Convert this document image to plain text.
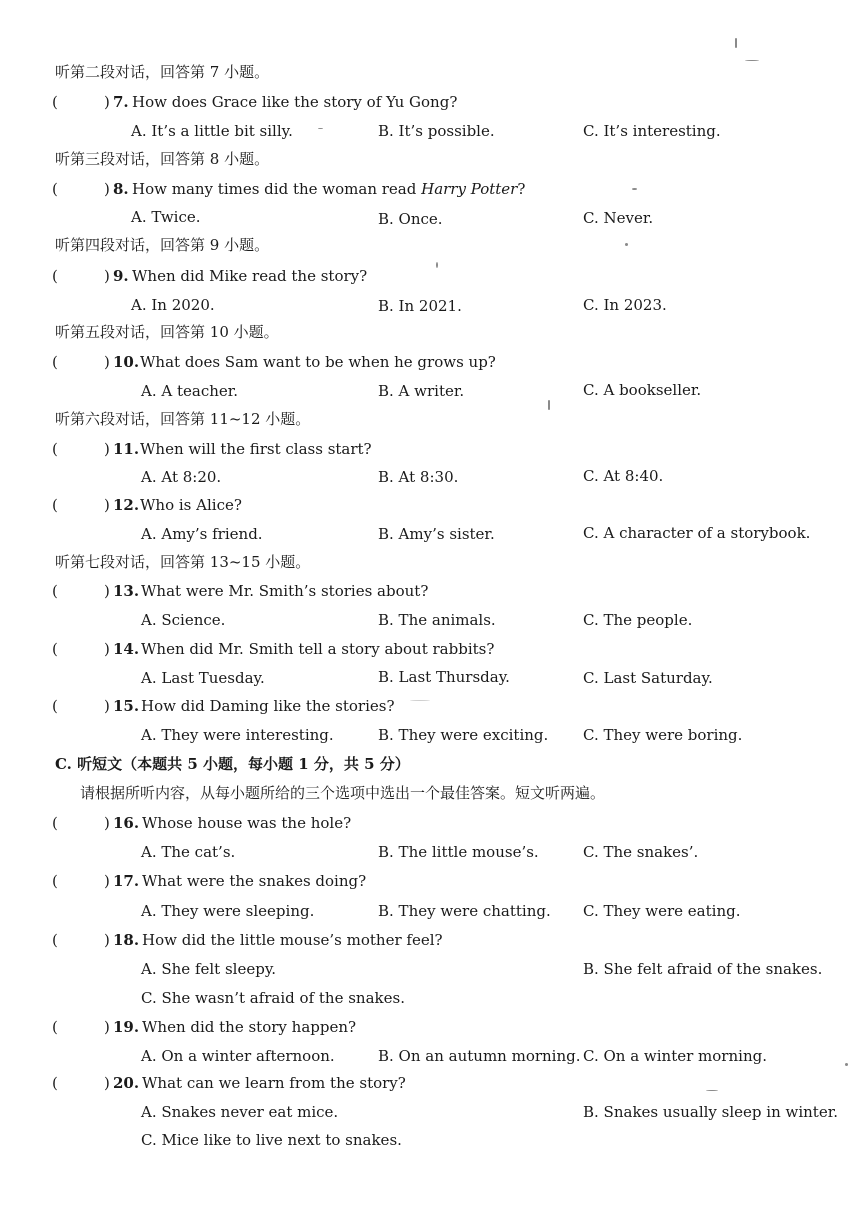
听第二段对话，回答第 7 小题。
(	) 7. How does Grace like the story of Yu Gong?
A. It’s a little bit silly.	B. It’s possible.	C. It’s interesting.
听第三段对话，回答第 8 小题。
(	) 8. How many times did the woman read Harry Potter?
A. Twice.	B. Once.	C. Never.
听第四段对话，回答第 9 小题。
(	) 9. When did Mike read the story?
A. In 2020.	B. In 2021.	C. In 2023.
听第五段对话，回答第 10 小题。
(	) 10. What does Sam want to be when he grows up?
A. A teacher.	B. A writer.	C. A bookseller.
听第六段对话，回答第 11~12 小题。
(	) 11. When will the first class start?
A. At 8:20.	B. At 8:30.	C. At 8:40.
(	) 12. Who is Alice?
A. Amy’s friend.	B. Amy’s sister.	C. A character of a storybook.
听第七段对话，回答第 13~15 小题。
(	) 13. What were Mr. Smith’s stories about?
A. Science.	B. The animals.	C. The people.
(	) 14. When did Mr. Smith tell a story about rabbits?
A. Last Tuesday.	B. Last Thursday.	C. Last Saturday.
(	) 15. How did Daming like the stories?
A. They were interesting.	B. They were exciting. C. They were boring.
C. 听短文（本题共 5 小题，每小题 1 分，共 5 分）
请根据所听内容，从每小题所给的三个选项中选出一个最佳答案。短文听两遍。
(	) 16. Whose house was the hole?
A. The cat’s.	B. The little mouse’s.	C. The snakes’.
(	) 17. What were the snakes doing?
A. They were sleeping.	B. They were chatting. C. They were eating.
(	) 18. How did the little mouse’s mother feel?
A. She felt sleepy.	B. She felt afraid of the snakes.
C. She wasn’t afraid of the snakes.
(	) 19. When did the story happen?
A. On a winter afternoon.	B. On an autumn morning. C. On a winter morning.
(	) 20. What can we learn from the story?
A. Snakes never eat mice.	B. Snakes usually sleep in winter.
C. Mice like to live next to snakes.
